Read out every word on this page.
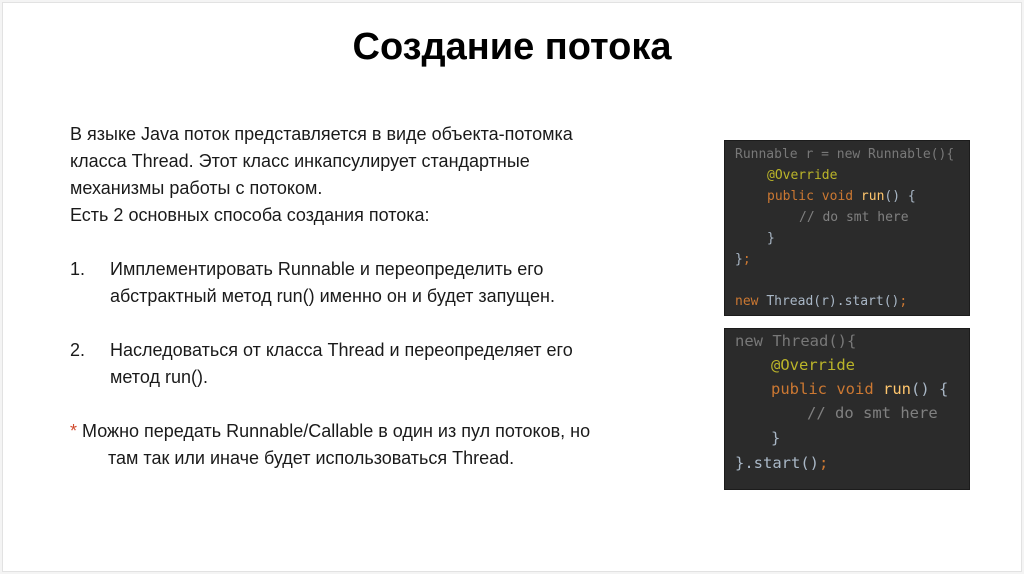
Создание потока
В языке Java поток представляется в виде объекта-потомка
класса Thread. Этот класс инкапсулирует стандартные
механизмы работы с потоком.
Есть 2 основных способа создания потока:
1. Имплементировать Runnable и переопределить его
абстрактный метод run() именно он и будет запущен.
2. Наследоваться от класса Thread и переопределяет его
метод run().
* Можно передать Runnable/Callable в один из пул потоков, но
там так или иначе будет использоваться Thread.

Runnable r = new Runnable(){

@Override

public void run() {

// do smt here

}

};

new Thread(r).start();

new Thread(){

@Override

public void run() {

// do smt here

}

}.start();
